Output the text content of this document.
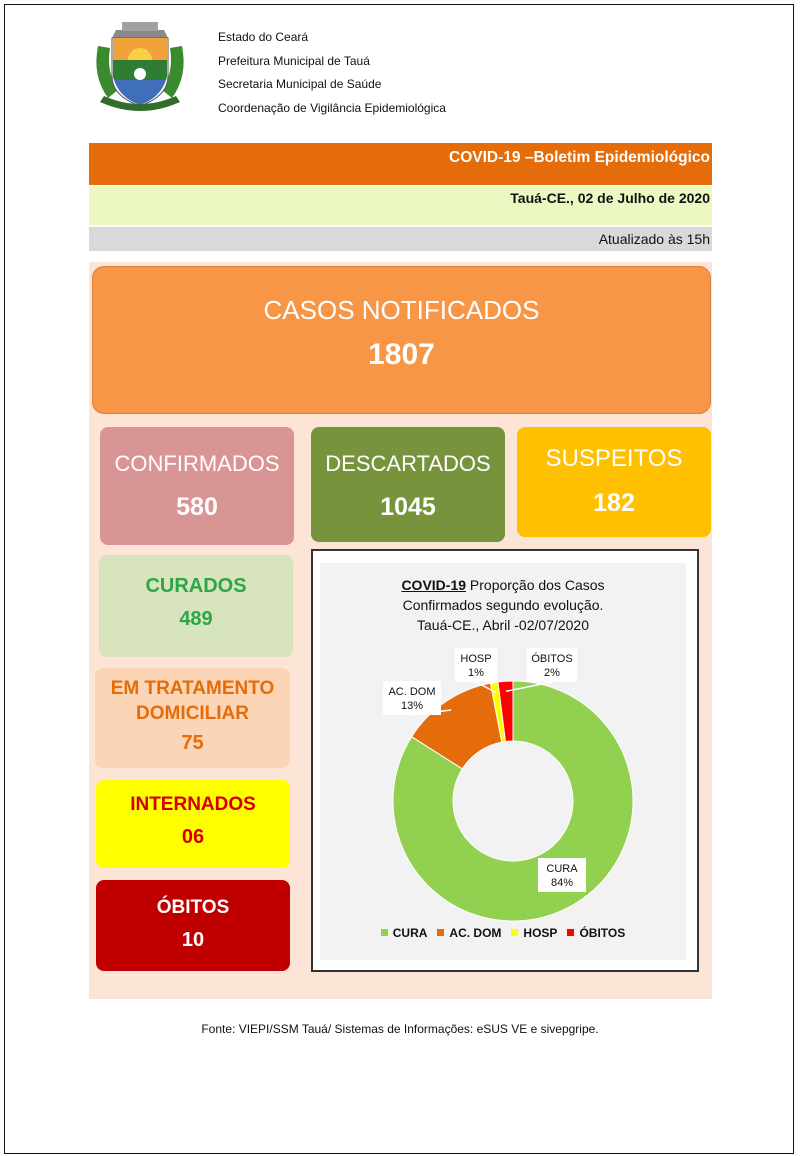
Estado do Ceará
Prefeitura Municipal de Tauá
Secretaria Municipal de Saúde
Coordenação de Vigilância Epidemiológica
COVID-19 –Boletim Epidemiológico
Tauá-CE., 02 de Julho de 2020
Atualizado às 15h
CASOS NOTIFICADOS
1807
CONFIRMADOS
580
DESCARTADOS
1045
SUSPEITOS
182
CURADOS
489
EM TRATAMENTO
DOMICILIAR
75
INTERNADOS
06
ÓBITOS
10
COVID-19 Proporção dos Casos
Confirmados segundo evolução.
Tauá-CE., Abril -02/07/2020
CURA
84%
AC. DOM
13%
HOSP
1%
ÓBITOS
2%
CURA AC. DOM HOSP ÓBITOS
Fonte: VIEPI/SSM Tauá/ Sistemas de Informações: eSUS VE e sivepgripe.
